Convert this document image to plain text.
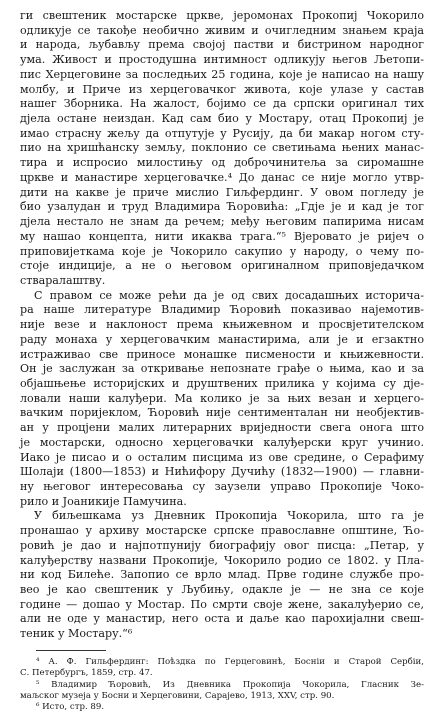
ги свештеник мостарске цркве, јеромонах Прокопиј Чокорило
одликује се такође необично живим и очигледним знањем краја
и народа, љубављу према својој пастви и бистрином народног
ума. Живост и простодушна интимност одликују његов Љетопи-
пис Херцеговине за последњих 25 година, које је написао на нашу
молбу, и Приче из херцеговачког живота, које улазе у састав
нашег Зборника. На жалост, бојимо се да српски оригинал тих
дјела остане неиздан. Кад сам био у Мостару, отац Прокопиј је
имао страсну жељу да отпутује у Русију, да би макар ногом сту-
пио на хришћанску земљу, поклонио се светињама њених манас-
тира и испросио милостињу од доброчинитеља за сиромашне
цркве и манастире херцеговачке.⁴ До данас се није могло утвр-
дити на какве је приче мислио Гиљфердинг. У овом погледу је
био узалудан и труд Владимира Ћоровића: „Гдје је и кад је тог
дјела нестало не знам да речем; међу његовим папирима нисам
му нашао концепта, нити икаква трага.“⁵ Вјеровато је ријеч о
приповијеткама које је Чокорило сакупио у народу, о чему по-
стоје индиције, а не о његовом оригиналном приповједачком
стваралаштву.
С правом се може рећи да је од свих досадашњих историча-
ра наше литературе Владимир Ћоровић показивао најемотив-
није везе и наклоност према књижевном и просвјетителском
раду монаха у херцеговачким манастирима, али је и егзактно
истраживао све приносе монашке писмености и књижевности.
Он је заслужан за откривање непознате грађе о њима, као и за
објашњење историјских и друштвених прилика у којима су дје-
ловали наши калуђери. Ма колико је за њих везан и херцего-
вачким поријеклом, Ћоровић није сентименталан ни необјектив-
ан у процјени малих литерарних вриједности свега онога што
је мостарски, односно херцеговачки калуђерски круг учинио.
Иако је писао и о осталим писцима из ове средине, о Серафиму
Шолаји (1800—1853) и Нићифору Дучићу (1832—1900) — главни-
ну његовог интересовања су заузели управо Прокопије Чоко-
рило и Јоаникије Памучина.
У биљешкама уз Дневник Прокопија Чокорила, што га је
пронашао у архиву мостарске српске православне општине, Ћо-
ровић је дао и најпотпунију биографију овог писца: „Петар, у
калуђерству названи Прокопије, Чокорило родио се 1802. у Пла-
ни код Билеће. Запопио се врло млад. Прве године службе про-
вео је као свештеник у Љубињу, одакле је — не зна се које
године — дошао у Мостар. По смрти своје жене, закалуђерио се,
али не оде у манастир, него оста и даље као парохијални свеш-
теник у Мостару.“⁶
⁴ А. Ф. Гильфердинг: Поѣздка по Герцеговинѣ, Босніи и Старой Сербіи,
С. Петербургъ, 1859, стр. 47.
⁵ Владимир Ћоровић, Из Дневника Прокопија Чокорила, Гласник Зе-
маљског музеја у Босни и Херцеговини, Сарајево, 1913, XXV, стр. 90.
⁶ Исто, стр. 89.
